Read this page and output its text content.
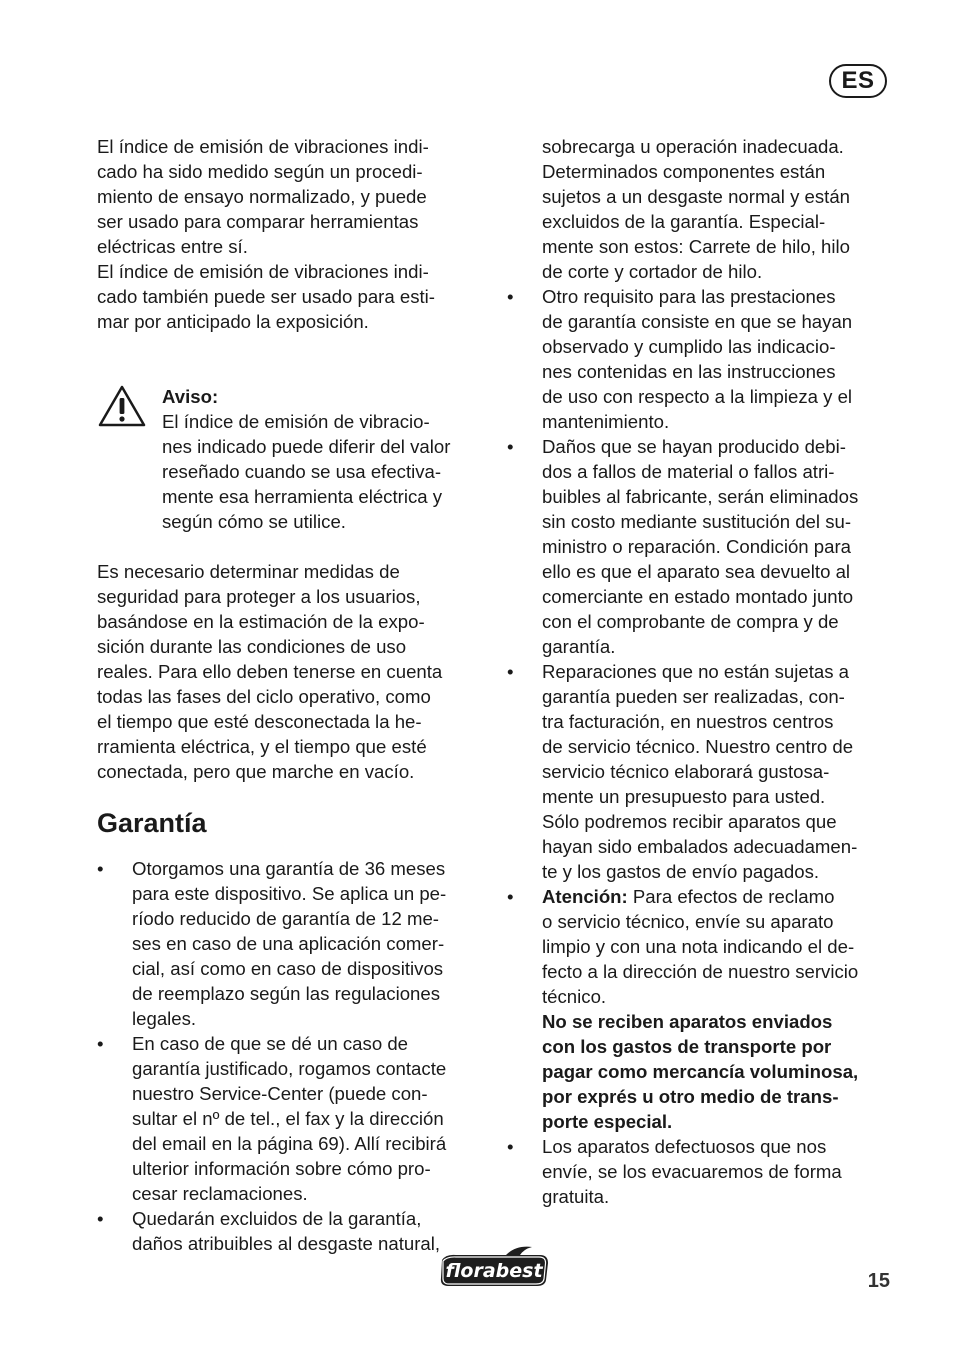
ES
El índice de emisión de vibraciones indi-
cado ha sido medido según un procedi-
miento de ensayo normalizado, y puede
ser usado para comparar herramientas
eléctricas entre sí.
El índice de emisión de vibraciones indi-
cado también puede ser usado para esti-
mar por anticipado la exposición.
Aviso:
El índice de emisión de vibracio-
nes indicado puede diferir del valor
reseñado cuando se usa efectiva-
mente esa herramienta eléctrica y
según cómo se utilice.
Es necesario determinar medidas de
seguridad para proteger a los usuarios,
basándose en la estimación de la expo-
sición durante las condiciones de uso
reales. Para ello deben tenerse en cuenta
todas las fases del ciclo operativo, como
el tiempo que esté desconectada la he-
rramienta eléctrica, y el tiempo que esté
conectada, pero que marche en vacío.
Garantía
• Otorgamos una garantía de 36 meses
para este dispositivo. Se aplica un pe-
ríodo reducido de garantía de 12 me-
ses en caso de una aplicación comer-
cial, así como en caso de dispositivos
de reemplazo según las regulaciones
legales.
• En caso de que se dé un caso de
garantía justificado, rogamos contacte
nuestro Service-Center (puede con-
sultar el nº de tel., el fax y la dirección
del email en la página 69). Allí recibirá
ulterior información sobre cómo pro-
cesar reclamaciones.
• Quedarán excluidos de la garantía,
daños atribuibles al desgaste natural,
sobrecarga u operación inadecuada.
Determinados componentes están
sujetos a un desgaste normal y están
excluidos de la garantía. Especial-
mente son estos: Carrete de hilo, hilo
de corte y cortador de hilo.
• Otro requisito para las prestaciones
de garantía consiste en que se hayan
observado y cumplido las indicacio-
nes contenidas en las instrucciones
de uso con respecto a la limpieza y el
mantenimiento.
• Daños que se hayan producido debi-
dos a fallos de material o fallos atri-
buibles al fabricante, serán eliminados
sin costo mediante sustitución del su-
ministro o reparación. Condición para
ello es que el aparato sea devuelto al
comerciante en estado montado junto
con el comprobante de compra y de
garantía.
• Reparaciones que no están sujetas a
garantía pueden ser realizadas, con-
tra facturación, en nuestros centros
de servicio técnico. Nuestro centro de
servicio técnico elaborará gustosa-
mente un presupuesto para usted.
Sólo podremos recibir aparatos que
hayan sido embalados adecuadamen-
te y los gastos de envío pagados.
• Atención: Para efectos de reclamo
o servicio técnico, envíe su aparato
limpio y con una nota indicando el de-
fecto a la dirección de nuestro servicio
técnico.
No se reciben aparatos enviados
con los gastos de transporte por
pagar como mercancía voluminosa,
por exprés u otro medio de trans-
porte especial.
• Los aparatos defectuosos que nos
envíe, se los evacuaremos de forma
gratuita.
florabest	15
